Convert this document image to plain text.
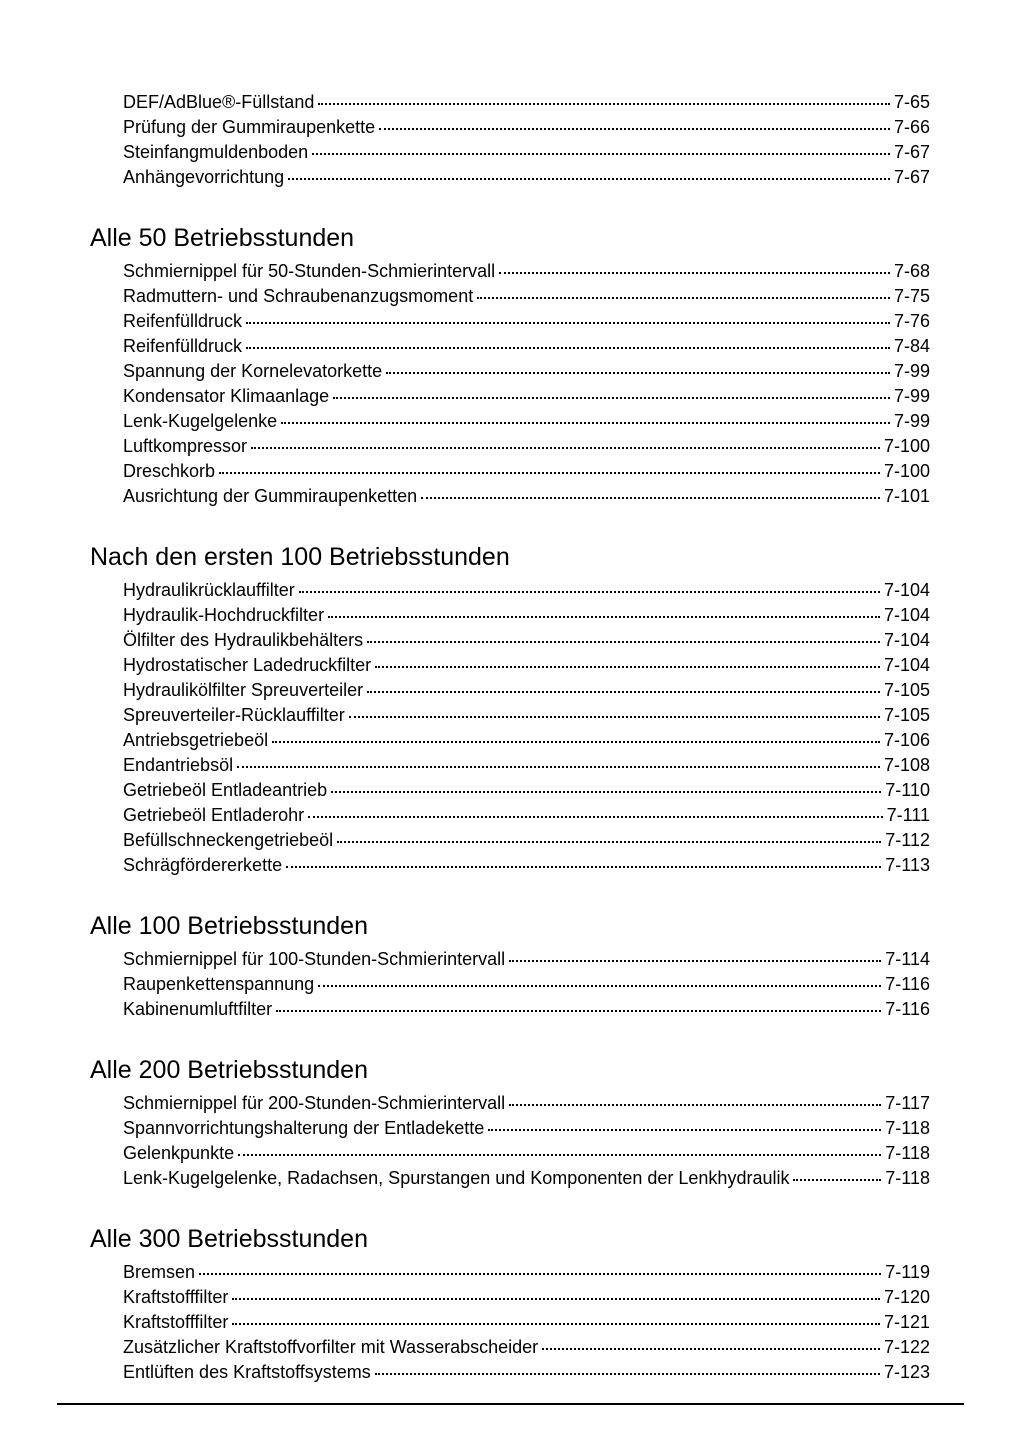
DEF/AdBlue®-Füllstand	7-65
Prüfung der Gummiraupenkette	7-66
Steinfangmuldenboden	7-67
Anhängevorrichtung	7-67
Alle 50 Betriebsstunden
Schmiernippel für 50-Stunden-Schmierintervall	7-68
Radmuttern- und Schraubenanzugsmoment	7-75
Reifenfülldruck	7-76
Reifenfülldruck	7-84
Spannung der Kornelevatorkette	7-99
Kondensator Klimaanlage	7-99
Lenk-Kugelgelenke	7-99
Luftkompressor	7-100
Dreschkorb	7-100
Ausrichtung der Gummiraupenketten	7-101
Nach den ersten 100 Betriebsstunden
Hydraulikrücklauffilter	7-104
Hydraulik-Hochdruckfilter	7-104
Ölfilter des Hydraulikbehälters	7-104
Hydrostatischer Ladedruckfilter	7-104
Hydraulikölfilter Spreuverteiler	7-105
Spreuverteiler-Rücklauffilter	7-105
Antriebsgetriebeöl	7-106
Endantriebsöl	7-108
Getriebeöl Entladeantrieb	7-110
Getriebeöl Entladerohr	7-111
Befüllschneckengetriebeöl	7-112
Schrägfördererkette	7-113
Alle 100 Betriebsstunden
Schmiernippel für 100-Stunden-Schmierintervall	7-114
Raupenkettenspannung	7-116
Kabinenumluftfilter	7-116
Alle 200 Betriebsstunden
Schmiernippel für 200-Stunden-Schmierintervall	7-117
Spannvorrichtungshalterung der Entladekette	7-118
Gelenkpunkte	7-118
Lenk-Kugelgelenke, Radachsen, Spurstangen und Komponenten der Lenkhydraulik	7-118
Alle 300 Betriebsstunden
Bremsen	7-119
Kraftstofffilter	7-120
Kraftstofffilter	7-121
Zusätzlicher Kraftstoffvorfilter mit Wasserabscheider	7-122
Entlüften des Kraftstoffsystems	7-123
